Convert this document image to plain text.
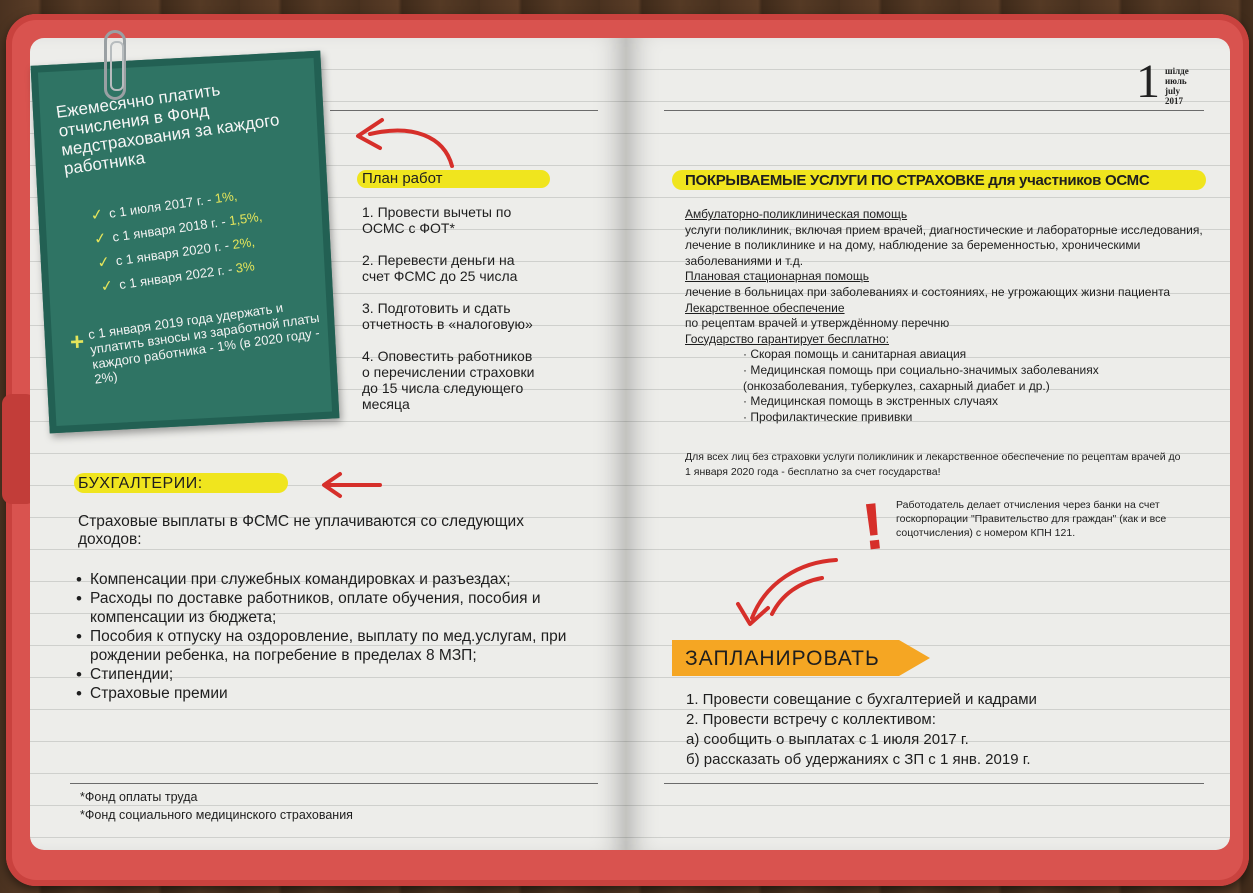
Ежемесячно платить отчисления в Фонд медстрахования за каждого работника
✓ с 1 июля 2017 г. - 1%,
✓ с 1 января 2018 г. - 1,5%,
✓ с 1 января 2020 г. - 2%,
✓ с 1 января 2022 г. - 3%
+
с 1 января 2019 года удержать и уплатить взносы из заработной платы каждого работника - 1% (в 2020 году - 2%)
План работ
1. Провести вычеты по
ОСМС с ФОТ*
2. Перевести деньги на
счет ФСМС до 25 числа
3. Подготовить и сдать
отчетность в «налоговую»
4. Оповестить работников
о перечислении страховки
до 15 числа следующего
месяца
БУХГАЛТЕРИИ:
Страховые выплаты в ФСМС не уплачиваются со следующих доходов:
• Компенсации при служебных командировках и разъездах;
• Расходы по доставке работников, оплате обучения, пособия и компенсации из бюджета;
• Пособия к отпуску на оздоровление, выплату по мед.услугам, при рождении ребенка, на погребение в пределах 8 МЗП;
• Стипендии;
• Страховые премии
*Фонд оплаты труда
*Фонд социального медицинского страхования
1 шілде
июль
july
2017
ПОКРЫВАЕМЫЕ УСЛУГИ ПО СТРАХОВКЕ для участников ОСМС
Амбулаторно-поликлиническая помощь
услуги поликлиник, включая прием врачей, диагностические и лабораторные исследования, лечение в поликлинике и на дому, наблюдение за беременностью, хроническими заболеваниями и т.д.
Плановая стационарная помощь
лечение в больницах при заболеваниях и состояниях, не угрожающих жизни пациента
Лекарственное обеспечение
по рецептам врачей и утверждённому перечню
Государство гарантирует бесплатно:
· Скорая помощь и санитарная авиация
· Медицинская помощь при социально-значимых заболеваниях (онкозаболевания, туберкулез, сахарный диабет и др.)
· Медицинская помощь в экстренных случаях
· Профилактические прививки
Для всех лиц без страховки услуги поликлиник и лекарственное обеспечение по рецептам врачей до 1 января 2020 года - бесплатно за счет государства!
! Работодатель делает отчисления через банки на счет госкорпорации "Правительство для граждан" (как и все соцотчисления) с номером КПН 121.
ЗАПЛАНИРОВАТЬ
1. Провести совещание с бухгалтерией и кадрами
2. Провести встречу с коллективом:
а) сообщить о выплатах с 1 июля 2017 г.
б) рассказать об удержаниях с ЗП с 1 янв. 2019 г.
